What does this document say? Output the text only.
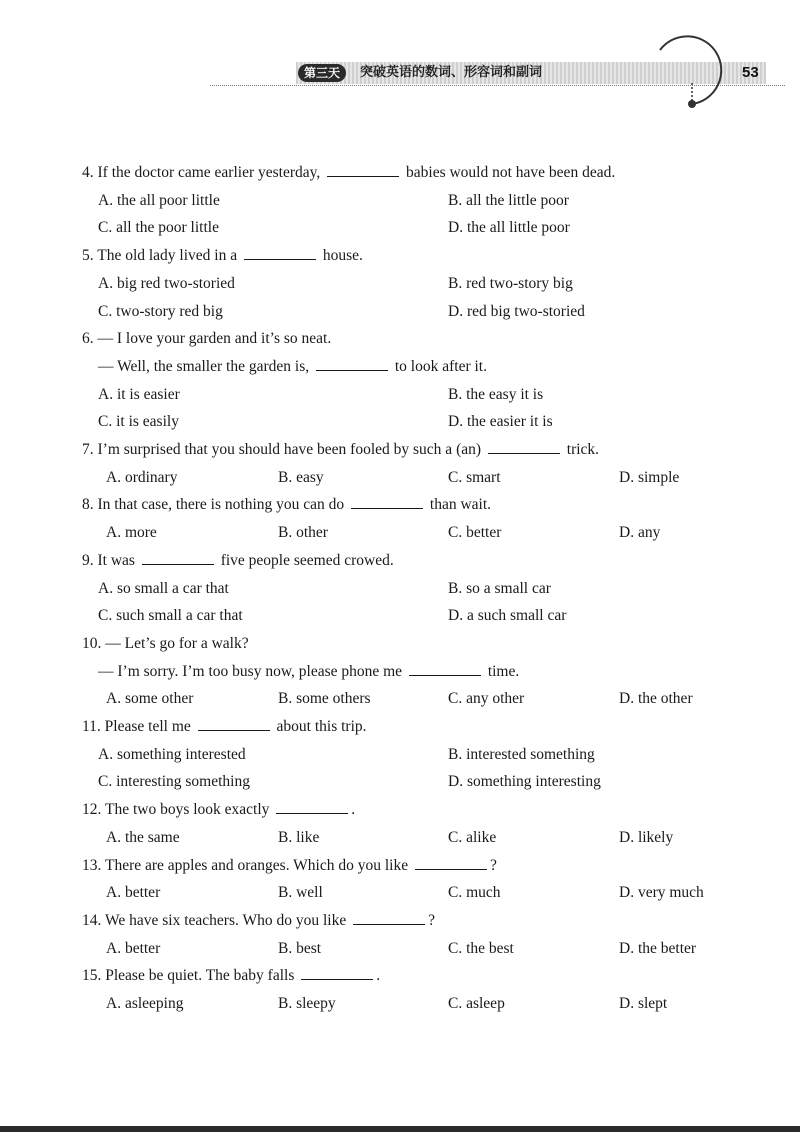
第三天	突破英语的数词、形容词和副词	53
4. If the doctor came earlier yesterday,	babies would not have been dead.
A. the all poor little	B. all the little poor
C. all the poor little	D. the all little poor
5. The old lady lived in a	house.
A. big red two-storied	B. red two-story big
C. two-story red big	D. red big two-storied
6. — I love your garden and it’s so neat.
— Well, the smaller the garden is,	to look after it.
A. it is easier	B. the easy it is
C. it is easily	D. the easier it is
7. I’m surprised that you should have been fooled by such a (an)	trick.
A. ordinary	B. easy	C. smart	D. simple
8. In that case, there is nothing you can do	than wait.
A. more	B. other	C. better	D. any
9. It was	five people seemed crowed.
A. so small a car that	B. so a small car
C. such small a car that	D. a such small car
10. — Let’s go for a walk?
— I’m sorry. I’m too busy now, please phone me	time.
A. some other	B. some others	C. any other	D. the other
11. Please tell me	about this trip.
A. something interested	B. interested something
C. interesting something	D. something interesting
12. The two boys look exactly	.
A. the same	B. like	C. alike	D. likely
13. There are apples and oranges. Which do you like	?
A. better	B. well	C. much	D. very much
14. We have six teachers. Who do you like	?
A. better	B. best	C. the best	D. the better
15. Please be quiet. The baby falls	.
A. asleeping	B. sleepy	C. asleep	D. slept
